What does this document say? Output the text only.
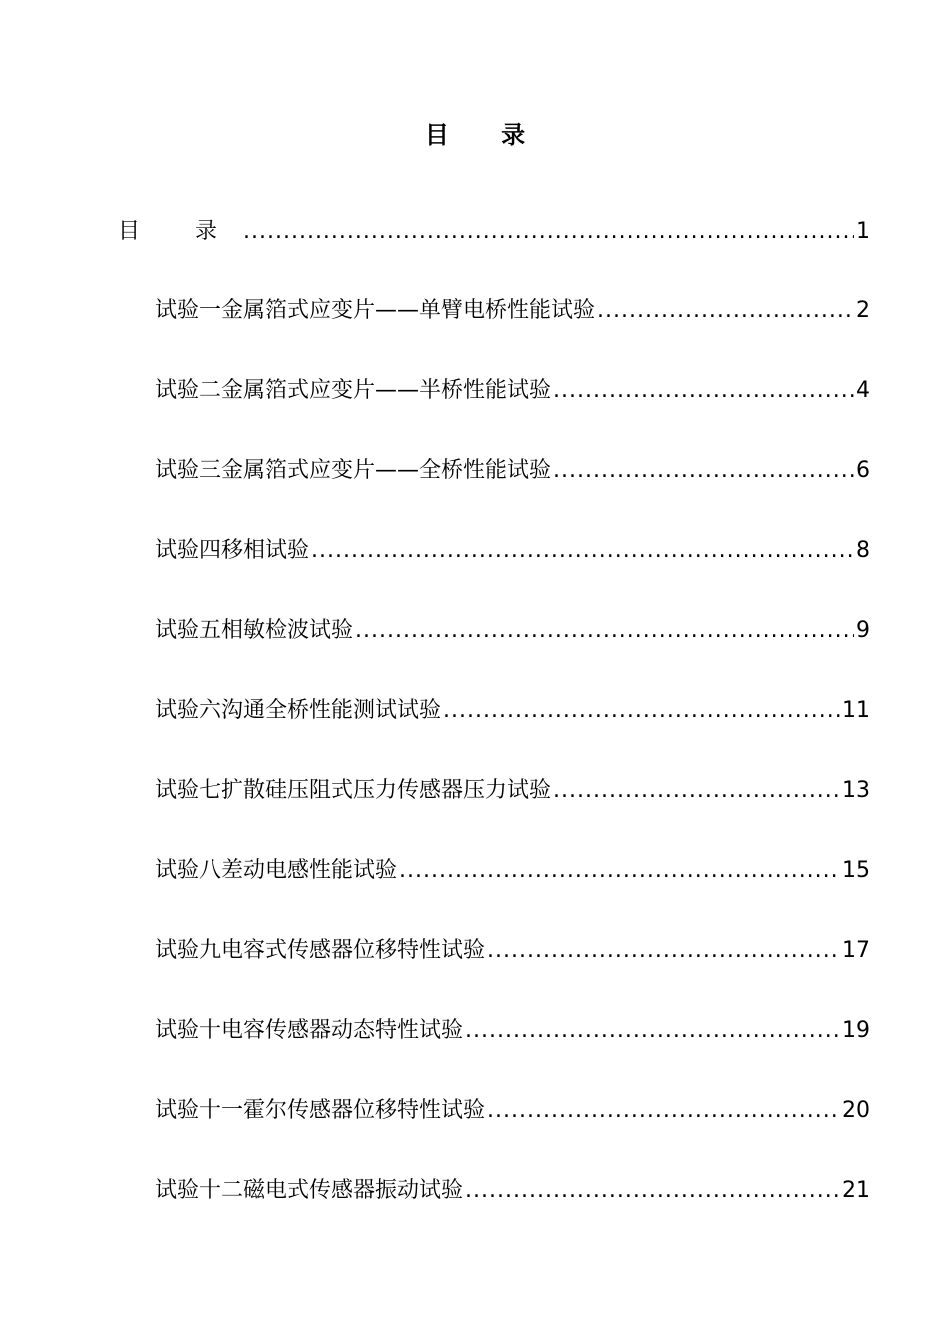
目 录
目 录 .....	1
试验一 金属箔式应变片——单臂电桥性能试验 .....	2
试验二 金属箔式应变片——半桥性能试验 .....	4
试验三 金属箔式应变片——全桥性能试验 .....	6
试验四 移相试验 .....	8
试验五 相敏检波试验 .....	9
试验六 沟通全桥性能测试试验 .....	11
试验七 扩散硅压阻式压力传感器压力试验 .....	13
试验八 差动电感性能试验 .....	15
试验九 电容式传感器位移特性试验 .....	17
试验十 电容传感器动态特性试验 .....	19
试验十一 霍尔传感器位移特性试验 .....	20
试验十二 磁电式传感器振动试验 .....	21
